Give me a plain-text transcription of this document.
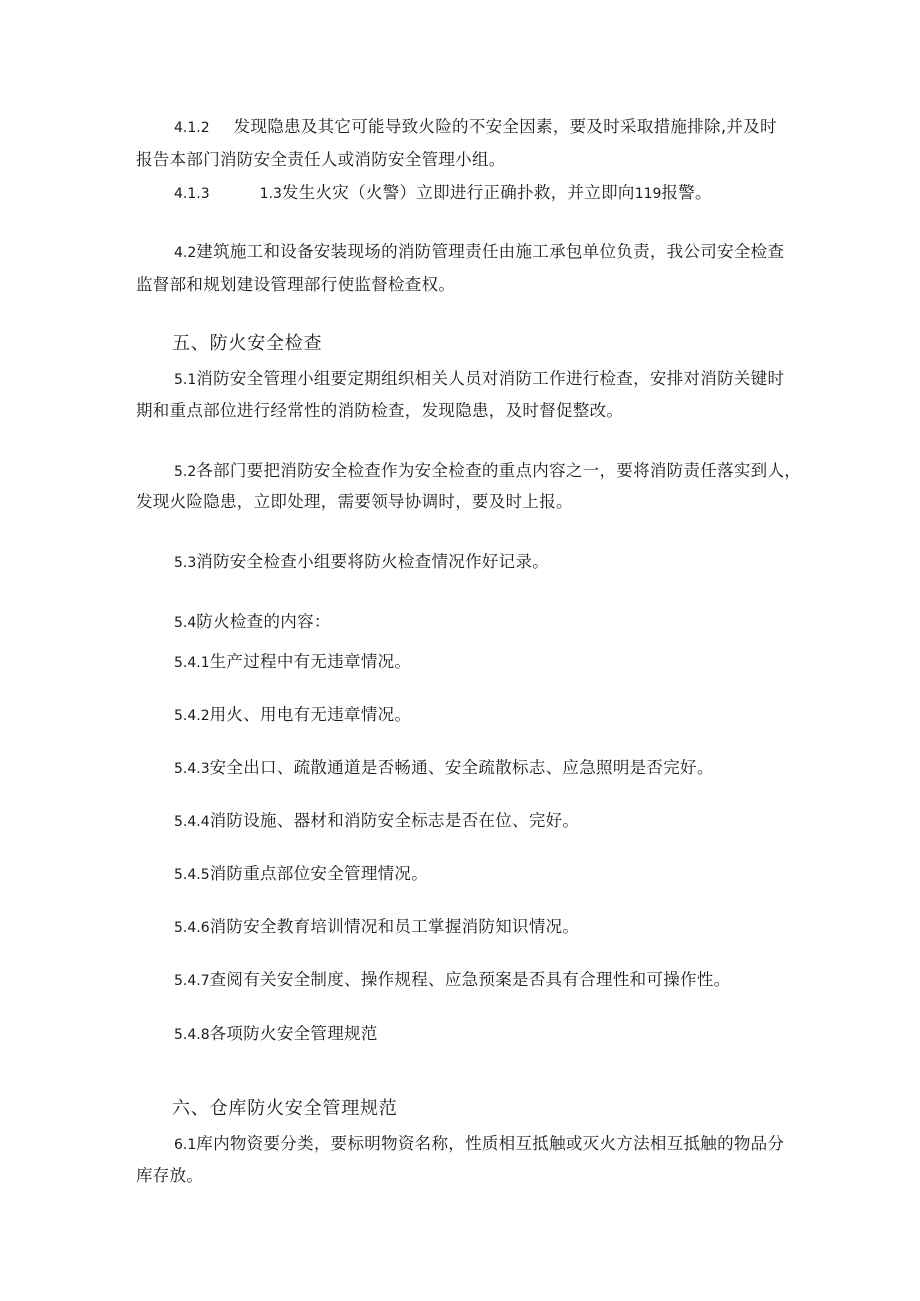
4.1.2 发现隐患及其它可能导致火险的不安全因素，要及时采取措施排除,并及时
报告本部门消防安全责任人或消防安全管理小组。
4.1.3	1.3发生火灾（火警）立即进行正确扑救，并立即向119报警。
4.2建筑施工和设备安装现场的消防管理责任由施工承包单位负责，我公司安全检查
监督部和规划建设管理部行使监督检查权。
五、防火安全检查
5.1消防安全管理小组要定期组织相关人员对消防工作进行检查，安排对消防关键时
期和重点部位进行经常性的消防检查，发现隐患，及时督促整改。
5.2各部门要把消防安全检查作为安全检查的重点内容之一，要将消防责任落实到人，
发现火险隐患，立即处理，需要领导协调时，要及时上报。
5.3消防安全检查小组要将防火检查情况作好记录。
5.4防火检查的内容：
5.4.1生产过程中有无违章情况。
5.4.2用火、用电有无违章情况。
5.4.3安全出口、疏散通道是否畅通、安全疏散标志、应急照明是否完好。
5.4.4消防设施、器材和消防安全标志是否在位、完好。
5.4.5消防重点部位安全管理情况。
5.4.6消防安全教育培训情况和员工掌握消防知识情况。
5.4.7查阅有关安全制度、操作规程、应急预案是否具有合理性和可操作性。
5.4.8各项防火安全管理规范
六、仓库防火安全管理规范
6.1库内物资要分类，要标明物资名称，性质相互抵触或灭火方法相互抵触的物品分
库存放。
